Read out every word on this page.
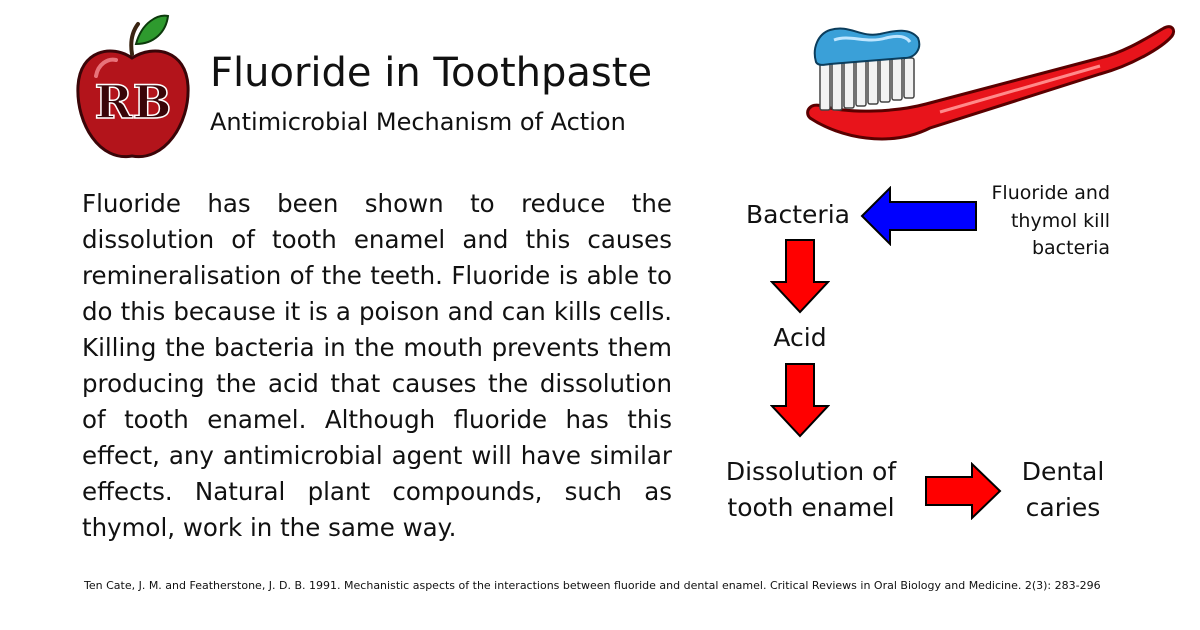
RB
Fluoride in Toothpaste
Antimicrobial Mechanism of Action

Fluoride has been shown to reduce the dissolution of tooth enamel and this causes remineralisation of the teeth. Fluoride is able to do this because it is a poison and can kills cells. Killing the bacteria in the mouth prevents them producing the acid that causes the dissolution of tooth enamel. Although fluoride has this effect, any antimicrobial agent will have similar effects. Natural plant compounds, such as thymol, work in the same way.

Bacteria
Acid
Dissolution of tooth enamel
Dental caries
Fluoride and thymol kill bacteria

Ten Cate, J. M. and Featherstone, J. D. B. 1991. Mechanistic aspects of the interactions between fluoride and dental enamel. Critical Reviews in Oral Biology and Medicine. 2(3): 283-296
